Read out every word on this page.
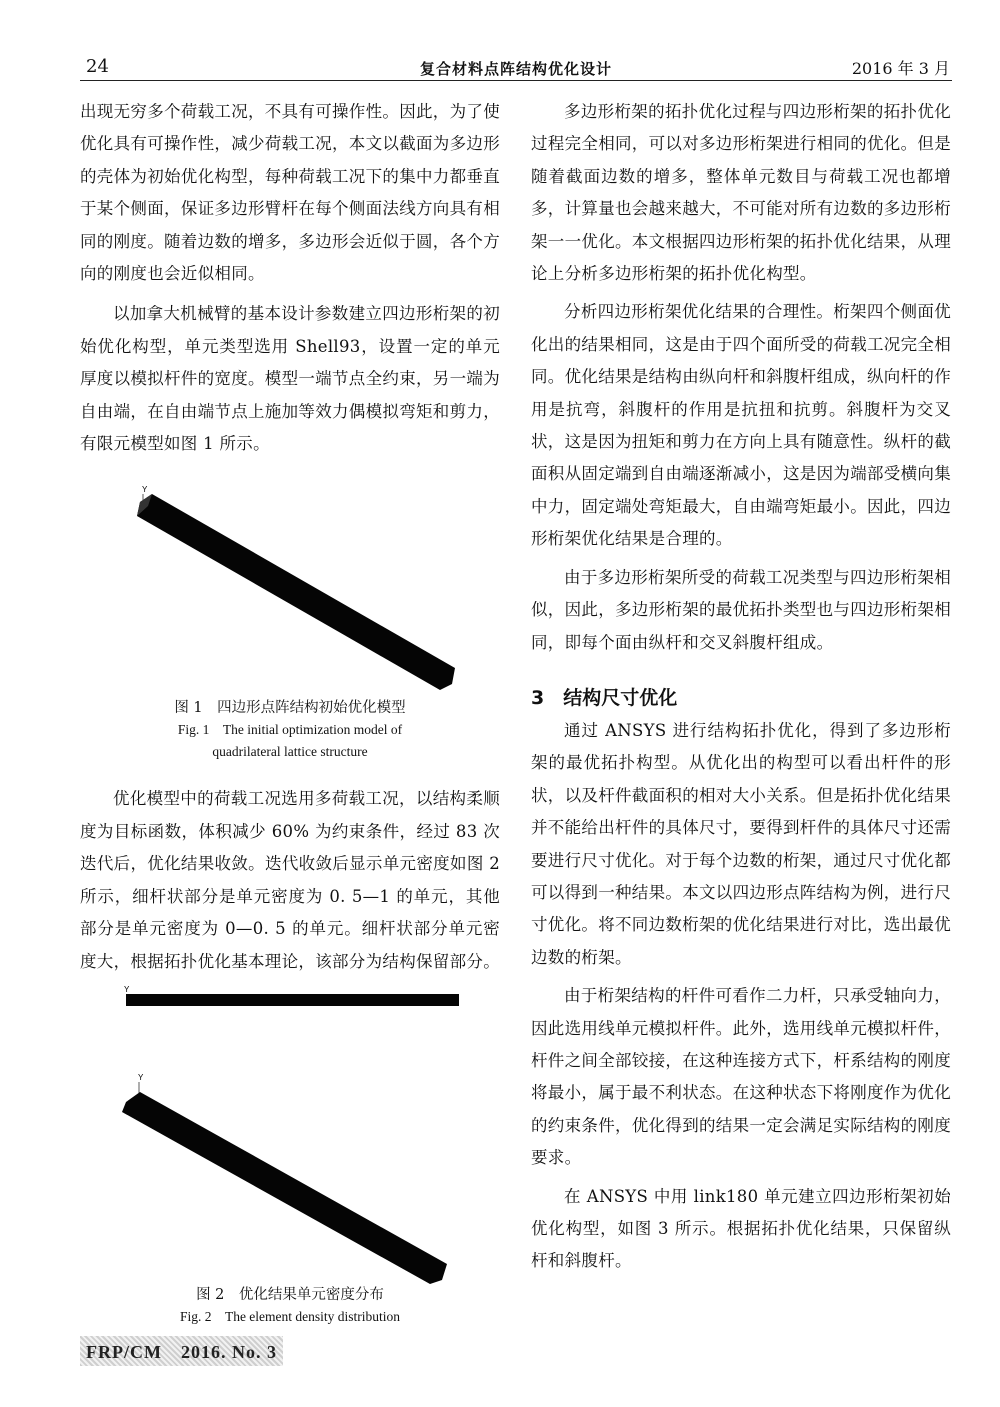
24	复合材料点阵结构优化设计	2016 年 3 月

出现无穷多个荷载工况，不具有可操作性。因此，为了使优化具有可操作性，减少荷载工况，本文以截面为多边形的壳体为初始优化构型，每种荷载工况下的集中力都垂直于某个侧面，保证多边形臂杆在每个侧面法线方向具有相同的刚度。随着边数的增多，多边形会近似于圆，各个方向的刚度也会近似相同。

以加拿大机械臂的基本设计参数建立四边形桁架的初始优化构型，单元类型选用 Shell93，设置一定的单元厚度以模拟杆件的宽度。模型一端节点全约束，另一端为自由端，在自由端节点上施加等效力偶模拟弯矩和剪力，有限元模型如图 1 所示。

Y
图 1　四边形点阵结构初始优化模型
Fig. 1　The initial optimization model of
quadrilateral lattice structure

优化模型中的荷载工况选用多荷载工况，以结构柔顺度为目标函数，体积减少 60% 为约束条件，经过 83 次迭代后，优化结果收敛。迭代收敛后显示单元密度如图 2 所示，细杆状部分是单元密度为 0. 5—1 的单元，其他部分是单元密度为 0—0. 5 的单元。细杆状部分单元密度大，根据拓扑优化基本理论，该部分为结构保留部分。

Y
Y
图 2　优化结果单元密度分布
Fig. 2　The element density distribution

多边形桁架的拓扑优化过程与四边形桁架的拓扑优化过程完全相同，可以对多边形桁架进行相同的优化。但是随着截面边数的增多，整体单元数目与荷载工况也都增多，计算量也会越来越大，不可能对所有边数的多边形桁架一一优化。本文根据四边形桁架的拓扑优化结果，从理论上分析多边形桁架的拓扑优化构型。

分析四边形桁架优化结果的合理性。桁架四个侧面优化出的结果相同，这是由于四个面所受的荷载工况完全相同。优化结果是结构由纵向杆和斜腹杆组成，纵向杆的作用是抗弯，斜腹杆的作用是抗扭和抗剪。斜腹杆为交叉状，这是因为扭矩和剪力在方向上具有随意性。纵杆的截面积从固定端到自由端逐渐减小，这是因为端部受横向集中力，固定端处弯矩最大，自由端弯矩最小。因此，四边形桁架优化结果是合理的。

由于多边形桁架所受的荷载工况类型与四边形桁架相似，因此，多边形桁架的最优拓扑类型也与四边形桁架相同，即每个面由纵杆和交叉斜腹杆组成。

3　结构尺寸优化

通过 ANSYS 进行结构拓扑优化，得到了多边形桁架的最优拓扑构型。从优化出的构型可以看出杆件的形状，以及杆件截面积的相对大小关系。但是拓扑优化结果并不能给出杆件的具体尺寸，要得到杆件的具体尺寸还需要进行尺寸优化。对于每个边数的桁架，通过尺寸优化都可以得到一种结果。本文以四边形点阵结构为例，进行尺寸优化。将不同边数桁架的优化结果进行对比，选出最优边数的桁架。

由于桁架结构的杆件可看作二力杆，只承受轴向力，因此选用线单元模拟杆件。此外，选用线单元模拟杆件，杆件之间全部铰接，在这种连接方式下，杆系结构的刚度将最小，属于最不利状态。在这种状态下将刚度作为优化的约束条件，优化得到的结果一定会满足实际结构的刚度要求。

在 ANSYS 中用 link180 单元建立四边形桁架初始优化构型，如图 3 所示。根据拓扑优化结果，只保留纵杆和斜腹杆。

FRP/CM　2016. No. 3
